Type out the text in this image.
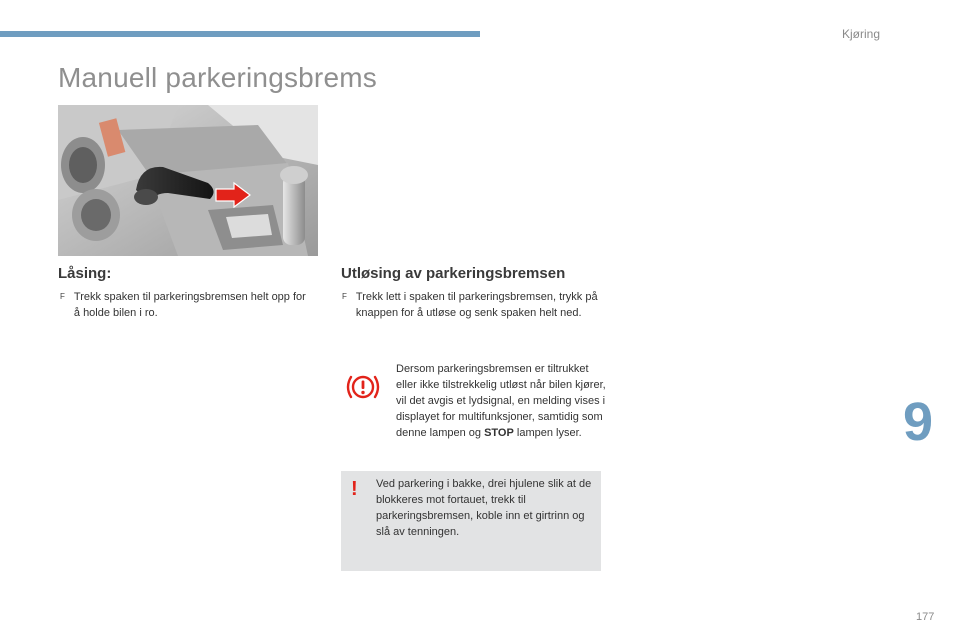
Kjøring
Manuell parkeringsbrems
Låsing:
F Trekk spaken til parkeringsbremsen helt opp for å holde bilen i ro.
Utløsing av parkeringsbremsen
F Trekk lett i spaken til parkeringsbremsen, trykk på knappen for å utløse og senk spaken helt ned.
Dersom parkeringsbremsen er tiltrukket eller ikke tilstrekkelig utløst når bilen kjører, vil det avgis et lydsignal, en melding vises i displayet for multifunksjoner, samtidig som denne lampen og STOP lampen lyser.
!	Ved parkering i bakke, drei hjulene slik at de blokkeres mot fortauet, trekk til parkeringsbremsen, koble inn et girtrinn og slå av tenningen.
9
177
